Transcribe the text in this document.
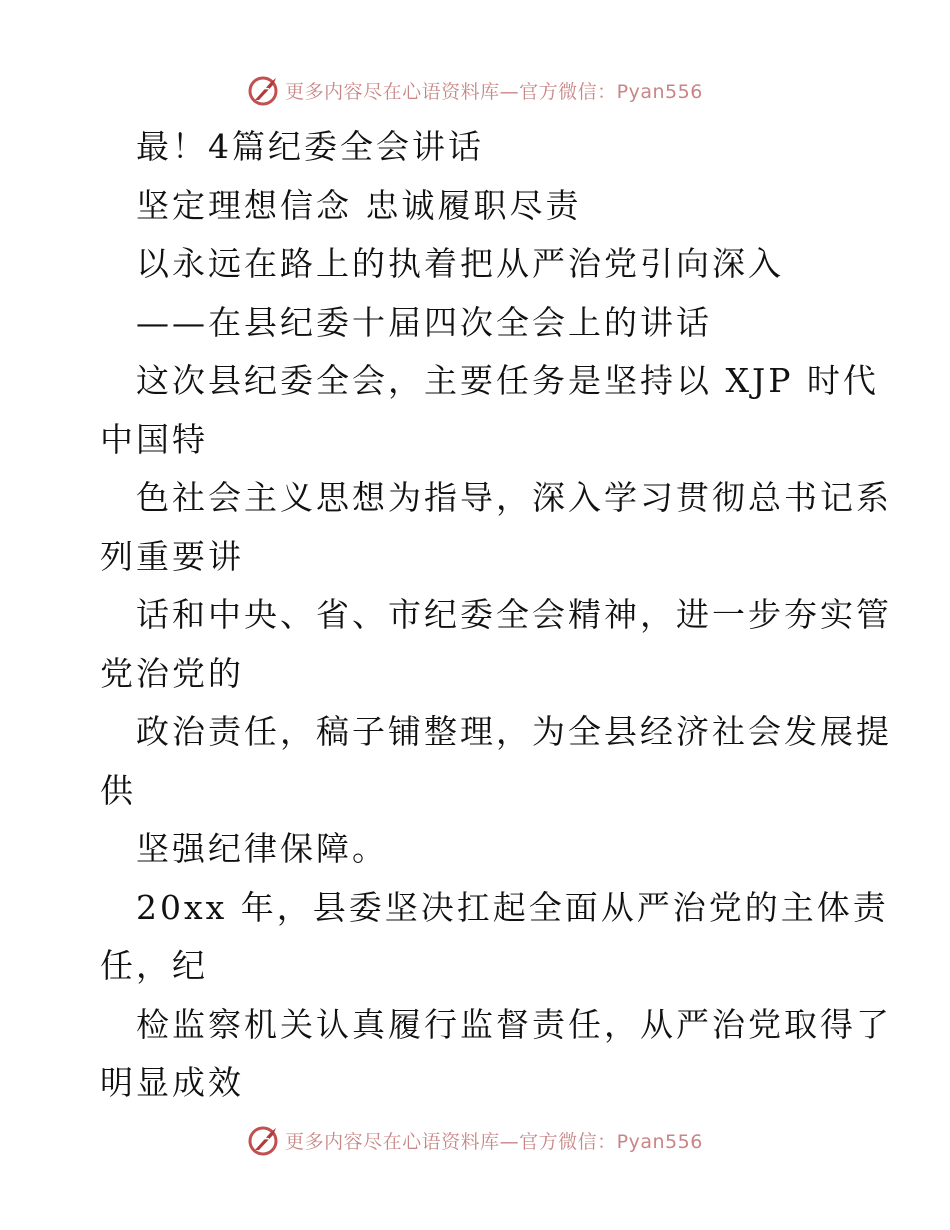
更多内容尽在心语资料库—官方微信：Pyan556
最！4篇纪委全会讲话
坚定理想信念 忠诚履职尽责
以永远在路上的执着把从严治党引向深入
——在县纪委十届四次全会上的讲话
这次县纪委全会，主要任务是坚持以 XJP 时代
中国特
色社会主义思想为指导，深入学习贯彻总书记系
列重要讲
话和中央、省、市纪委全会精神，进一步夯实管
党治党的
政治责任，稿子铺整理，为全县经济社会发展提
供
坚强纪律保障。
20xx 年，县委坚决扛起全面从严治党的主体责
任，纪
检监察机关认真履行监督责任，从严治党取得了
明显成效
更多内容尽在心语资料库—官方微信：Pyan556
